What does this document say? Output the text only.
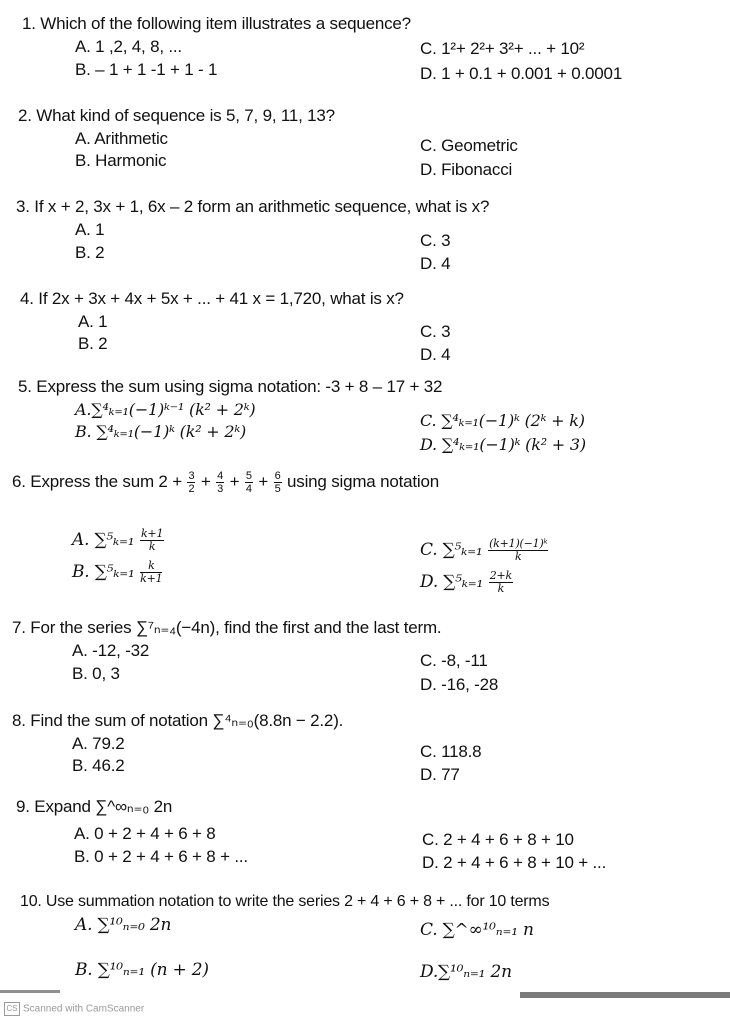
1. Which of the following item illustrates a sequence?
A. 1 ,2, 4, 8, ...
B. – 1 + 1 -1 + 1 - 1
C. 1²+ 2²+ 3²+ ... + 10²
D. 1 + 0.1 + 0.001 + 0.0001
2. What kind of sequence is 5, 7, 9, 11, 13?
A. Arithmetic
B. Harmonic
C. Geometric
D. Fibonacci
3. If x + 2, 3x + 1, 6x – 2 form an arithmetic sequence, what is x?
A. 1
B. 2
C. 3
D. 4
4. If 2x + 3x + 4x + 5x + ... + 41 x = 1,720, what is x?
A. 1
B. 2
C. 3
D. 4
5. Express the sum using sigma notation: -3 + 8 – 17 + 32
A.∑⁴ₖ₌₁(−1)ᵏ⁻¹ (k² + 2ᵏ)
B. ∑⁴ₖ₌₁(−1)ᵏ (k² + 2ᵏ)
C. ∑⁴ₖ₌₁(−1)ᵏ (2ᵏ + k)
D. ∑⁴ₖ₌₁(−1)ᵏ (k² + 3)
6. Express the sum $2 + \frac{3}{2} + \frac{4}{3} + \frac{5}{4} + \frac{6}{5}$ using sigma notation
A. $\sum^5_{k=1} \frac{k+1}{k}$
B. $\sum^5_{k=1} \frac{k}{k+1}$
C. $\sum^5_{k=1} \frac{\text{(k+1)(−1)ᵏ}}{k}$
D. $\sum^5_{k=1} \frac{2+k}{k}$
7. For the series ∑⁷ₙ₌₄(−4n), find the first and the last term.
A. -12, -32
B. 0, 3
C. -8, -11
D. -16, -28
8. Find the sum of notation ∑⁴ₙ₌₀(8.8n − 2.2).
A. 79.2
B. 46.2
C. 118.8
D. 77
9. Expand ∑^∞ₙ₌₀ 2n
A. 0 + 2 + 4 + 6 + 8
B. 0 + 2 + 4 + 6 + 8 + ...
C. 2 + 4 + 6 + 8 + 10
D. 2 + 4 + 6 + 8 + 10 + ...
10. Use summation notation to write the series 2 + 4 + 6 + 8 + ... for 10 terms
A. ∑¹⁰ₙ₌₀ 2n
B. ∑¹⁰ₙ₌₁ (n + 2)
C. ∑^∞¹⁰ₙ₌₁ n
D.∑¹⁰ₙ₌₁ 2n
CS Scanned with CamScanner
